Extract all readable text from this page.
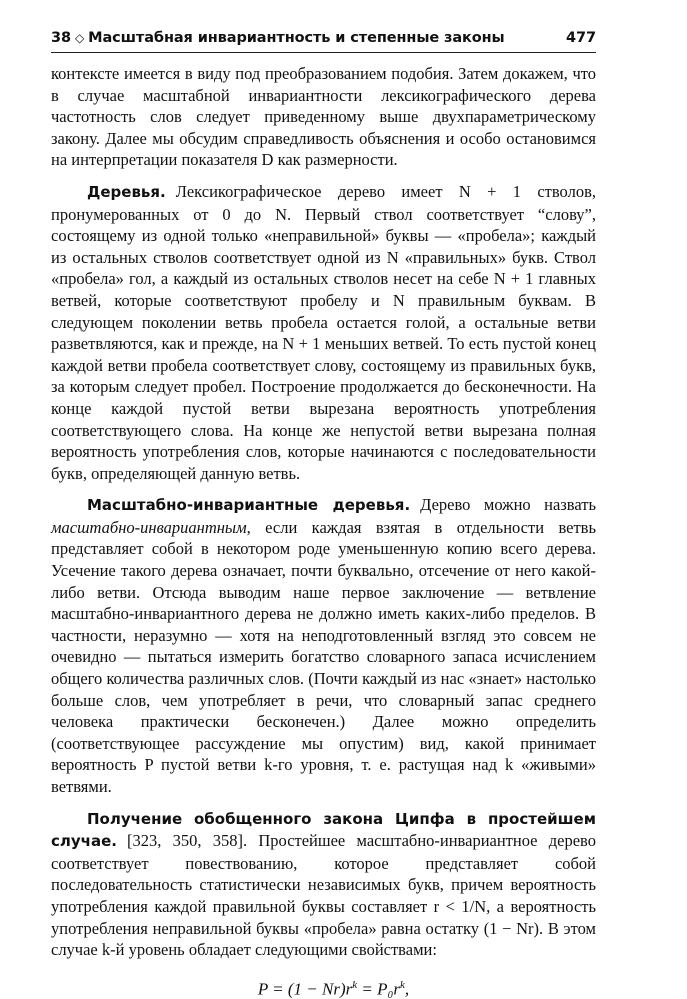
38 ◇ Масштабная инвариантность и степенные законы	477

контексте имеется в виду под преобразованием подобия. Затем докажем, что в случае масштабной инвариантности лексикографического дерева частотность слов следует приведенному выше двухпараметрическому закону. Далее мы обсудим справедливость объяснения и особо остановимся на интерпретации показателя D как размерности.

Деревья. Лексикографическое дерево имеет N + 1 стволов, пронумерованных от 0 до N. Первый ствол соответствует “слову”, состоящему из одной только «неправильной» буквы — «пробела»; каждый из остальных стволов соответствует одной из N «правильных» букв. Ствол «пробела» гол, а каждый из остальных стволов несет на себе N + 1 главных ветвей, которые соответствуют пробелу и N правильным буквам. В следующем поколении ветвь пробела остается голой, а остальные ветви разветвляются, как и прежде, на N + 1 меньших ветвей. То есть пустой конец каждой ветви пробела соответствует слову, состоящему из правильных букв, за которым следует пробел. Построение продолжается до бесконечности. На конце каждой пустой ветви вырезана вероятность употребления соответствующего слова. На конце же непустой ветви вырезана полная вероятность употребления слов, которые начинаются с последовательности букв, определяющей данную ветвь.

Масштабно-инвариантные деревья. Дерево можно назвать масштабно-инвариантным, если каждая взятая в отдельности ветвь представляет собой в некотором роде уменьшенную копию всего дерева. Усечение такого дерева означает, почти буквально, отсечение от него какой-либо ветви. Отсюда выводим наше первое заключение — ветвление масштабно-инвариантного дерева не должно иметь каких-либо пределов. В частности, неразумно — хотя на неподготовленный взгляд это совсем не очевидно — пытаться измерить богатство словарного запаса исчислением общего количества различных слов. (Почти каждый из нас «знает» настолько больше слов, чем употребляет в речи, что словарный запас среднего человека практически бесконечен.) Далее можно определить (соответствующее рассуждение мы опустим) вид, какой принимает вероятность P пустой ветви k-го уровня, т. е. растущая над k «живыми» ветвями.

Получение обобщенного закона Ципфа в простейшем случае. [323, 350, 358]. Простейшее масштабно-инвариантное дерево соответствует повествованию, которое представляет собой последовательность статистически независимых букв, причем вероятность употребления каждой правильной буквы составляет r < 1/N, а вероятность употребления неправильной буквы «пробела» равна остатку (1 − Nr). В этом случае k-й уровень обладает следующими свойствами:

$P = (1 - Nr)r^k = P_0r^k$,
